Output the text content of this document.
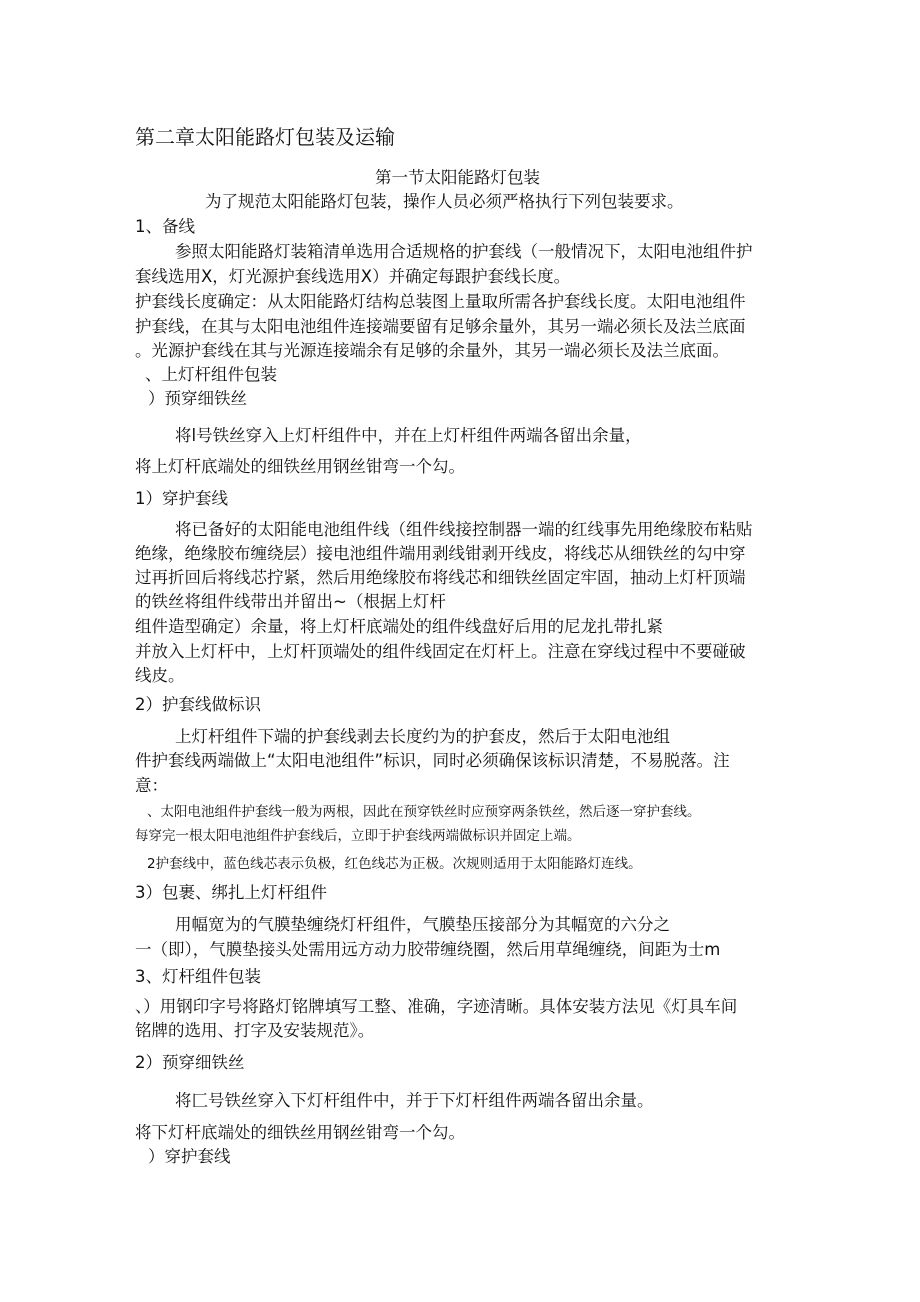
第二章太阳能路灯包装及运输
第一节太阳能路灯包装
为了规范太阳能路灯包装，操作人员必须严格执行下列包装要求。
1、备线
参照太阳能路灯装箱清单选用合适规格的护套线（一般情况下，太阳电池组件护
套线选用X，灯光源护套线选用X）并确定每跟护套线长度。
护套线长度确定：从太阳能路灯结构总装图上量取所需各护套线长度。太阳电池组件
护套线，在其与太阳电池组件连接端要留有足够余量外，其另一端必须长及法兰底面
。光源护套线在其与光源连接端余有足够的余量外，其另一端必须长及法兰底面。
、上灯杆组件包装
）预穿细铁丝
将l号铁丝穿入上灯杆组件中，并在上灯杆组件两端各留出余量，
将上灯杆底端处的细铁丝用钢丝钳弯一个勾。
1）穿护套线
将已备好的太阳能电池组件线（组件线接控制器一端的红线事先用绝缘胶布粘贴
绝缘，绝缘胶布缠绕层）接电池组件端用剥线钳剥开线皮，将线芯从细铁丝的勾中穿
过再折回后将线芯拧紧，然后用绝缘胶布将线芯和细铁丝固定牢固，抽动上灯杆顶端
的铁丝将组件线带出并留出~（根据上灯杆
组件造型确定）余量，将上灯杆底端处的组件线盘好后用的尼龙扎带扎紧
并放入上灯杆中，上灯杆顶端处的组件线固定在灯杆上。注意在穿线过程中不要碰破
线皮。
2）护套线做标识
上灯杆组件下端的护套线剥去长度约为的护套皮，然后于太阳电池组
件护套线两端做上“太阳电池组件”标识，同时必须确保该标识清楚，不易脱落。注
意：
、太阳电池组件护套线一般为两根，因此在预穿铁丝时应预穿两条铁丝，然后逐一穿护套线。
每穿完一根太阳电池组件护套线后，立即于护套线两端做标识并固定上端。
2护套线中，蓝色线芯表示负极，红色线芯为正极。次规则适用于太阳能路灯连线。
3）包裹、绑扎上灯杆组件
用幅宽为的气膜垫缠绕灯杆组件，气膜垫压接部分为其幅宽的六分之
一（即），气膜垫接头处需用远方动力胶带缠绕圈，然后用草绳缠绕，间距为士m
3、灯杆组件包装
、）用钢印字号将路灯铭牌填写工整、准确，字迹清晰。具体安装方法见《灯具车间
铭牌的选用、打字及安装规范》。
2）预穿细铁丝
将匚号铁丝穿入下灯杆组件中，并于下灯杆组件两端各留出余量。
将下灯杆底端处的细铁丝用钢丝钳弯一个勾。
）穿护套线
